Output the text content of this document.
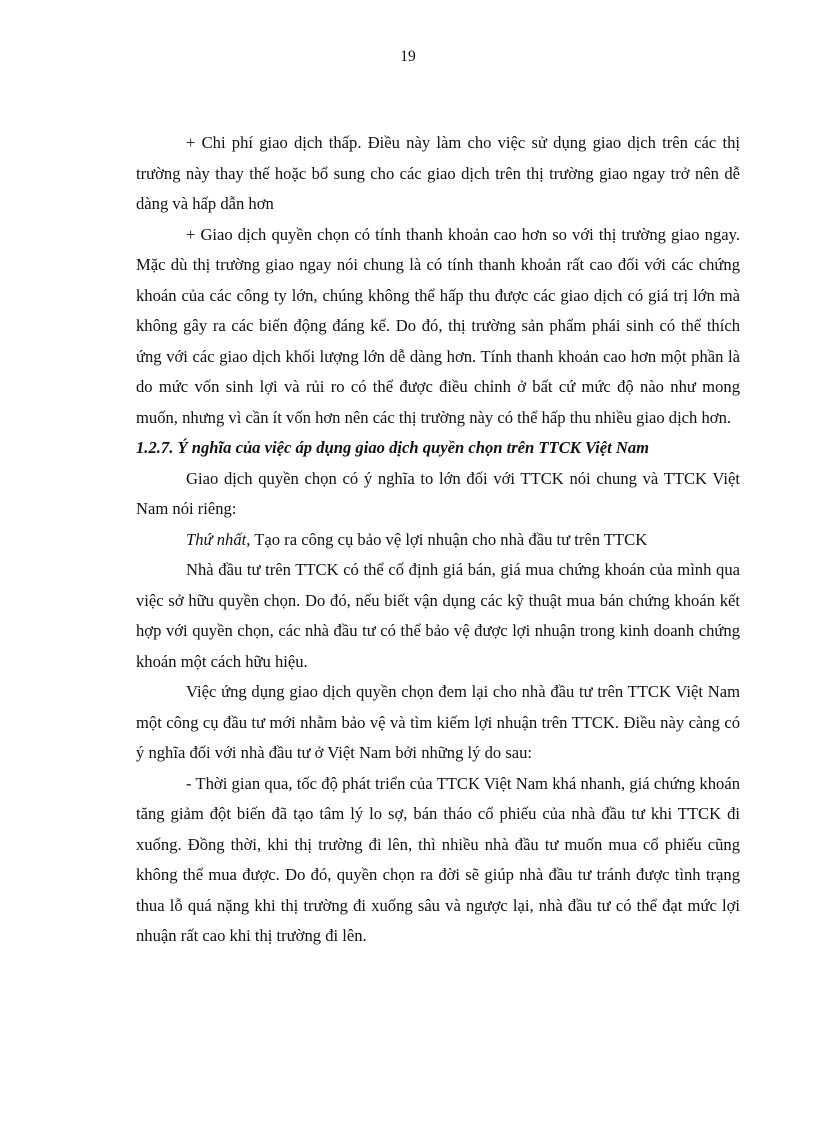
19

+ Chi phí giao dịch thấp. Điều này làm cho việc sử dụng giao dịch trên các thị trường này thay thế hoặc bổ sung cho các giao dịch trên thị trường giao ngay trở nên dễ dàng và hấp dẫn hơn

+ Giao dịch quyền chọn có tính thanh khoản cao hơn so với thị trường giao ngay. Mặc dù thị trường giao ngay nói chung là có tính thanh khoản rất cao đối với các chứng khoán của các công ty lớn, chúng không thể hấp thu được các giao dịch có giá trị lớn mà không gây ra các biến động đáng kể. Do đó, thị trường sản phẩm phái sinh có thể thích ứng với các giao dịch khối lượng lớn dễ dàng hơn. Tính thanh khoản cao hơn một phần là do mức vốn sinh lợi và rủi ro có thể được điều chỉnh ở bất cứ mức độ nào như mong muốn, nhưng vì cần ít vốn hơn nên các thị trường này có thể hấp thu nhiều giao dịch hơn.

1.2.7. Ý nghĩa của việc áp dụng giao dịch quyền chọn trên TTCK Việt Nam

Giao dịch quyền chọn có ý nghĩa to lớn đối với TTCK nói chung và TTCK Việt Nam nói riêng:

Thứ nhất, Tạo ra công cụ bảo vệ lợi nhuận cho nhà đầu tư trên TTCK

Nhà đầu tư trên TTCK có thể cố định giá bán, giá mua chứng khoán của mình qua việc sở hữu quyền chọn. Do đó, nếu biết vận dụng các kỹ thuật mua bán chứng khoán kết hợp với quyền chọn, các nhà đầu tư có thể bảo vệ được lợi nhuận trong kinh doanh chứng khoán một cách hữu hiệu.

Việc ứng dụng giao dịch quyền chọn đem lại cho nhà đầu tư trên TTCK Việt Nam một công cụ đầu tư mới nhằm bảo vệ và tìm kiếm lợi nhuận trên TTCK. Điều này càng có ý nghĩa đối với nhà đầu tư ở Việt Nam bởi những lý do sau:

- Thời gian qua, tốc độ phát triển của TTCK Việt Nam khá nhanh, giá chứng khoán tăng giảm đột biến đã tạo tâm lý lo sợ, bán tháo cổ phiếu của nhà đầu tư khi TTCK đi xuống. Đồng thời, khi thị trường đi lên, thì nhiều nhà đầu tư muốn mua cổ phiếu cũng không thể mua được. Do đó, quyền chọn ra đời sẽ giúp nhà đầu tư tránh được tình trạng thua lỗ quá nặng khi thị trường đi xuống sâu và ngược lại, nhà đầu tư có thể đạt mức lợi nhuận rất cao khi thị trường đi lên.
